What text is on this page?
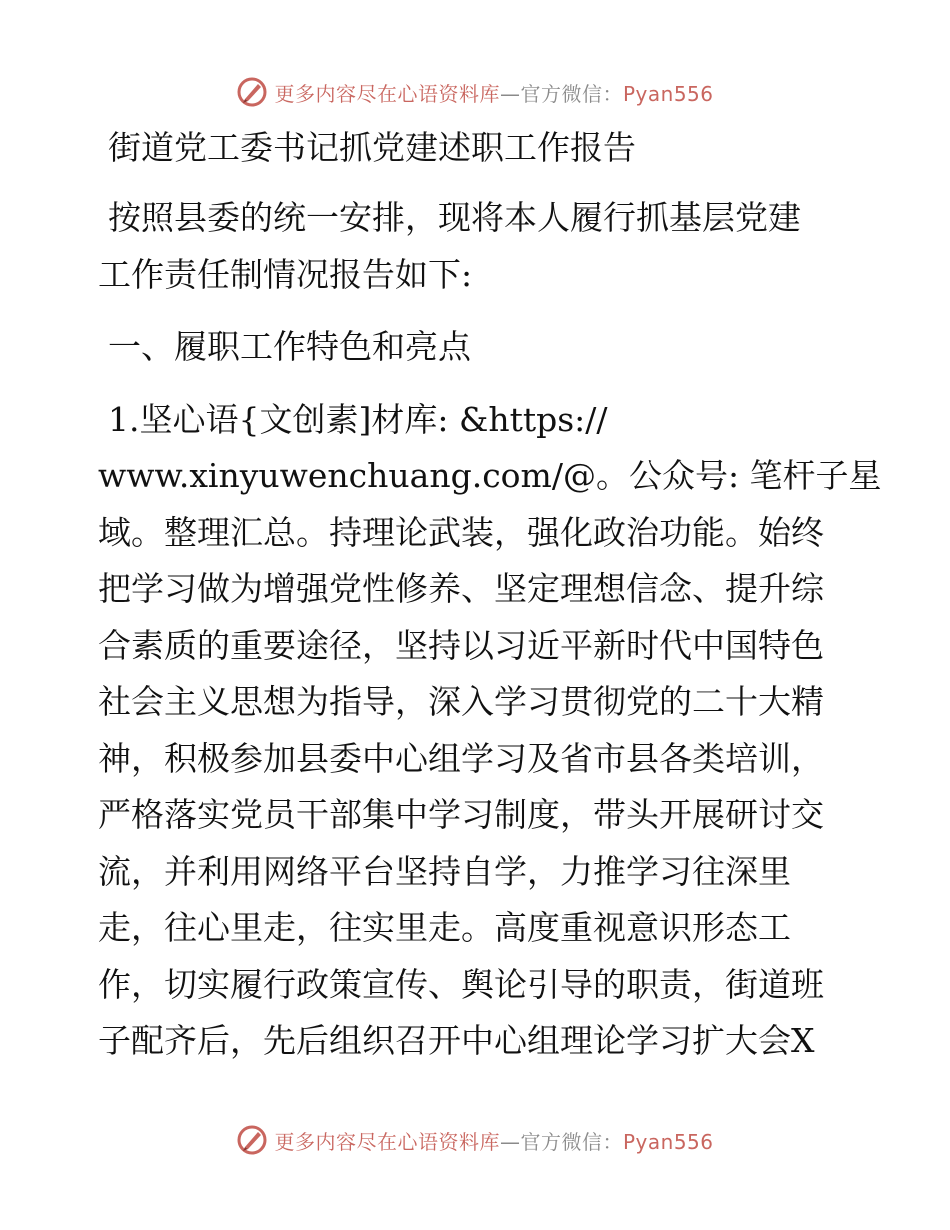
更多内容尽在心语资料库—官方微信：Pyan556
街道党工委书记抓党建述职工作报告
按照县委的统一安排，现将本人履行抓基层党建
工作责任制情况报告如下:
一、履职工作特色和亮点
1.坚心语{文创素]材库: &https://
www.xinyuwenchuang.com/@。公众号: 笔杆子星
域。整理汇总。持理论武装，强化政治功能。始终
把学习做为增强党性修养、坚定理想信念、提升综
合素质的重要途径，坚持以习近平新时代中国特色
社会主义思想为指导，深入学习贯彻党的二十大精
神，积极参加县委中心组学习及省市县各类培训，
严格落实党员干部集中学习制度，带头开展研讨交
流，并利用网络平台坚持自学，力推学习往深里
走，往心里走，往实里走。高度重视意识形态工
作，切实履行政策宣传、舆论引导的职责，街道班
子配齐后，先后组织召开中心组理论学习扩大会X
更多内容尽在心语资料库—官方微信：Pyan556
